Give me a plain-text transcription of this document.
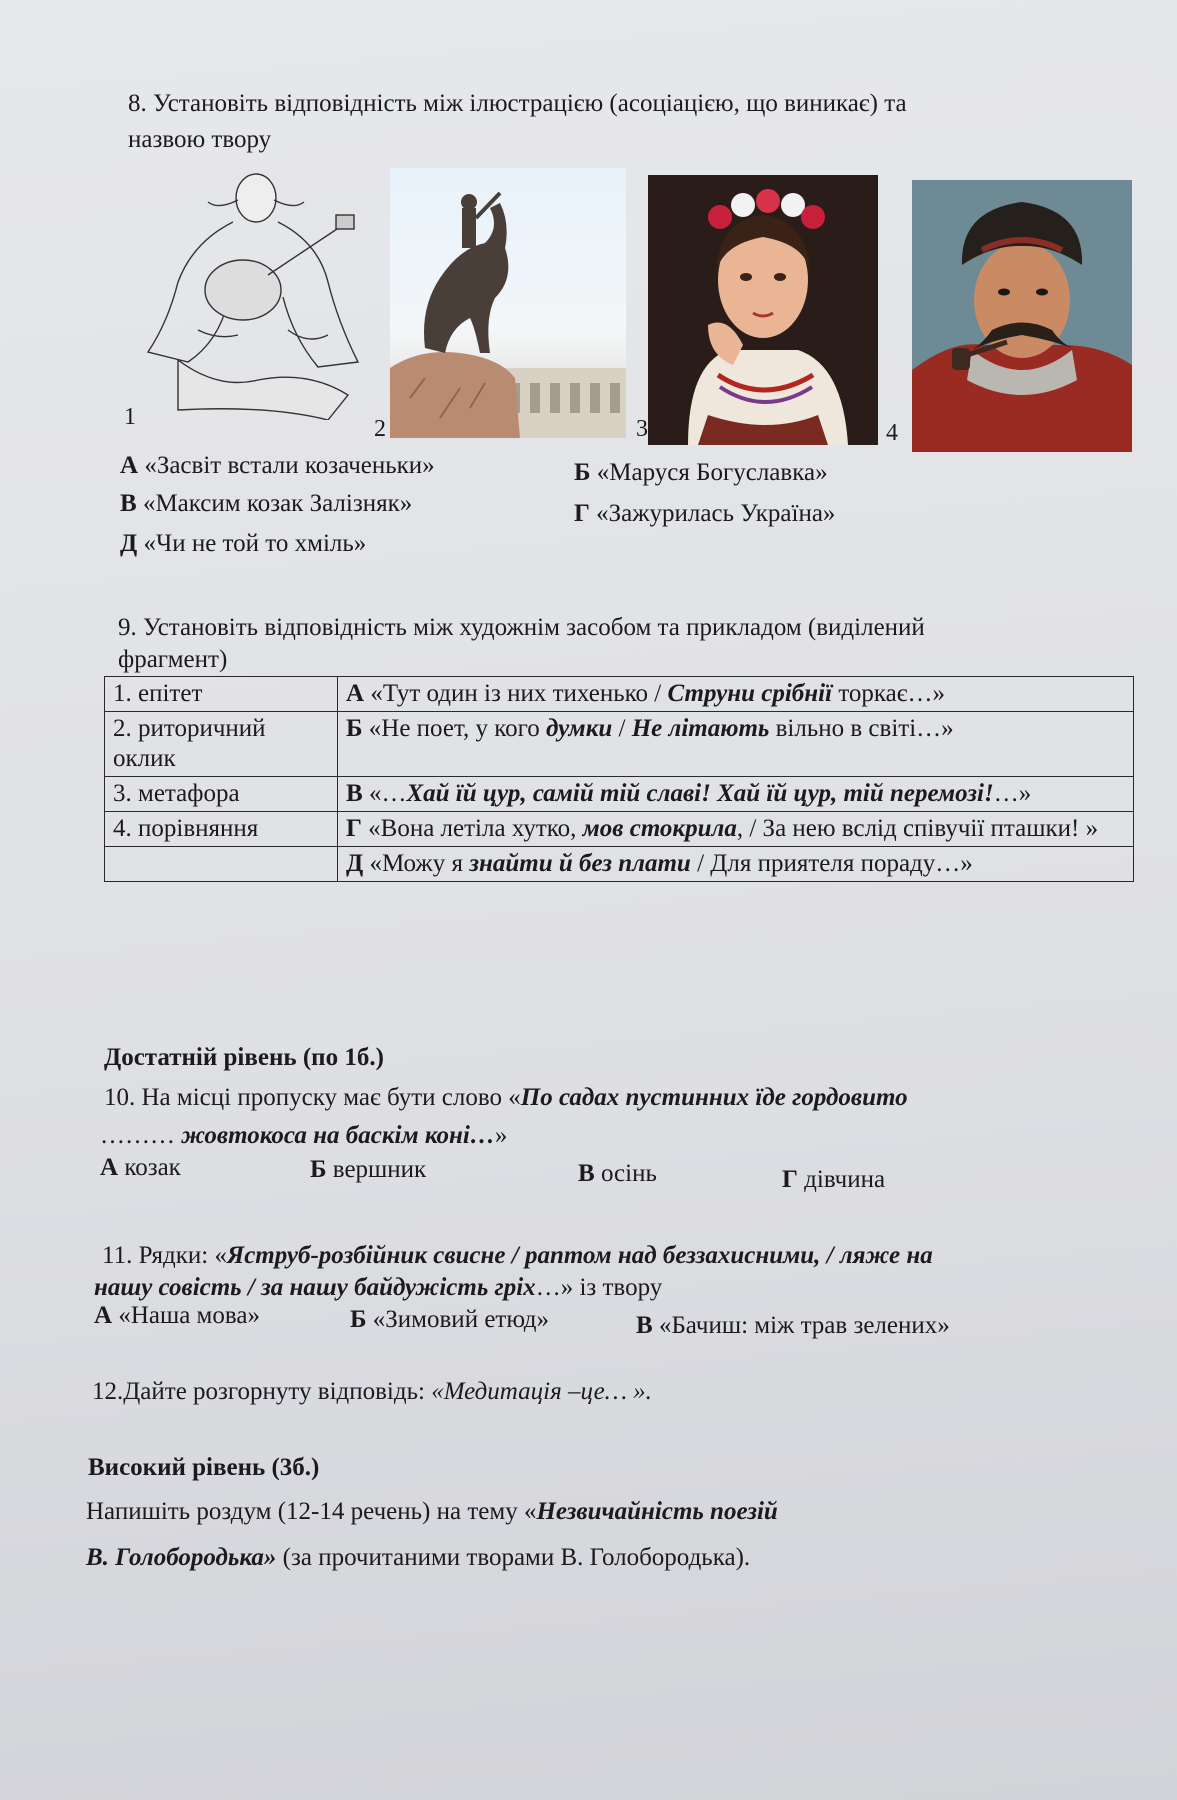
8. Установіть відповідність між ілюстрацією (асоціацією, що виникає) та
назвою твору
1	2	3	4
А «Засвіт встали козаченьки»	Б «Маруся Богуславка»
В «Максим козак Залізняк»	Г «Зажурилась Україна»
Д «Чи не той то хміль»
9. Установіть відповідність між художнім засобом та прикладом (виділений
фрагмент)
1. епітет	А «Тут один із них тихенько / Струни срібнії торкає…»
2. риторичний оклик	Б «Не поет, у кого думки / Не літають вільно в світі…»
3. метафора	В «…Хай їй цур, самій тій славі! Хай їй цур, тій перемозі!…»
4. порівняння	Г «Вона летіла хутко, мов стокрила, / За нею вслід співучії пташки! »
	Д «Можу я знайти й без плати / Для приятеля пораду…»
Достатній рівень (по 1б.)
10. На місці пропуску має бути слово «По садах пустинних їде гордовито
……… жовтокоса на баскім коні…»
А козак	Б вершник	В осінь	Г дівчина
11. Рядки: «Яструб-розбійник свисне / раптом над беззахисними, / ляже на
нашу совість / за нашу байдужість гріх…» із твору
А «Наша мова»	Б «Зимовий етюд»	В «Бачиш: між трав зелених»
12.Дайте розгорнуту відповідь: «Медитація –це… ».
Високий рівень (3б.)
Напишіть роздум (12-14 речень) на тему «Незвичайність поезій
В. Голобородька» (за прочитаними творами В. Голобородька).
